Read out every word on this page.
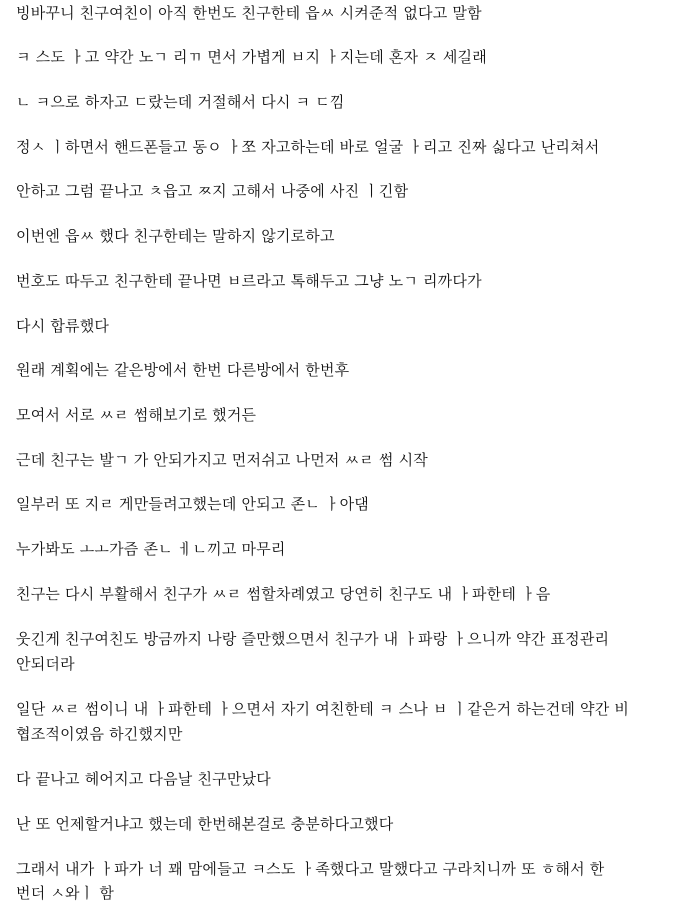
빙바꾸니 친구여친이 아직 한번도 친구한테 읍ㅆ 시켜준적 없다고 말함
ㅋ 스도 ㅏ고 약간 노ㄱ 리ㄲ 면서 가볍게 ㅂ지 ㅏ지는데 혼자 ㅈ 세길래
ㄴ ㅋ으로 하자고 ㄷ랐는데 거절해서 다시 ㅋ ㄷ낌
정ㅅ ㅣ하면서 핸드폰들고 동ㅇ ㅏ쪼 자고하는데 바로 얼굴 ㅏ리고 진짜 싫다고 난리쳐서
안하고 그럼 끝나고 ㅊ읍고 ㅉ지 고해서 나중에 사진 ㅣ긴함
이번엔 읍ㅆ 했다 친구한테는 말하지 않기로하고
번호도 따두고 친구한테 끝나면 ㅂ르라고 톡해두고 그냥 노ㄱ 리까다가
다시 합류했다
원래 계획에는 같은방에서 한번 다른방에서 한번후
모여서 서로 ㅆㄹ 썸해보기로 했거든
근데 친구는 발ㄱ 가 안되가지고 먼저쉬고 나먼저 ㅆㄹ 썸 시작
일부러 또 지ㄹ 게만들려고했는데 안되고 존ㄴ ㅏ아댐
누가봐도 ㅗㅗ가즘 존ㄴ ㅔㄴ끼고 마무리
친구는 다시 부활해서 친구가 ㅆㄹ 썸할차례였고 당연히 친구도 내 ㅏ파한테 ㅏ음
웃긴게 친구여친도 방금까지 나랑 즐만했으면서 친구가 내 ㅏ파랑 ㅏ으니까 약간 표정관리
안되더라
일단 ㅆㄹ 썸이니 내 ㅏ파한테 ㅏ으면서 자기 여친한테 ㅋ 스나 ㅂ ㅣ같은거 하는건데 약간 비
협조적이였음 하긴했지만
다 끝나고 헤어지고 다음날 친구만났다
난 또 언제할거냐고 했는데 한번해본걸로 충분하다고했다
그래서 내가 ㅏ파가 너 꽤 맘에들고 ㅋ스도 ㅏ족했다고 말했다고 구라치니까 또 ㅎ해서 한
번더 ㅅ와ㅣ 함
